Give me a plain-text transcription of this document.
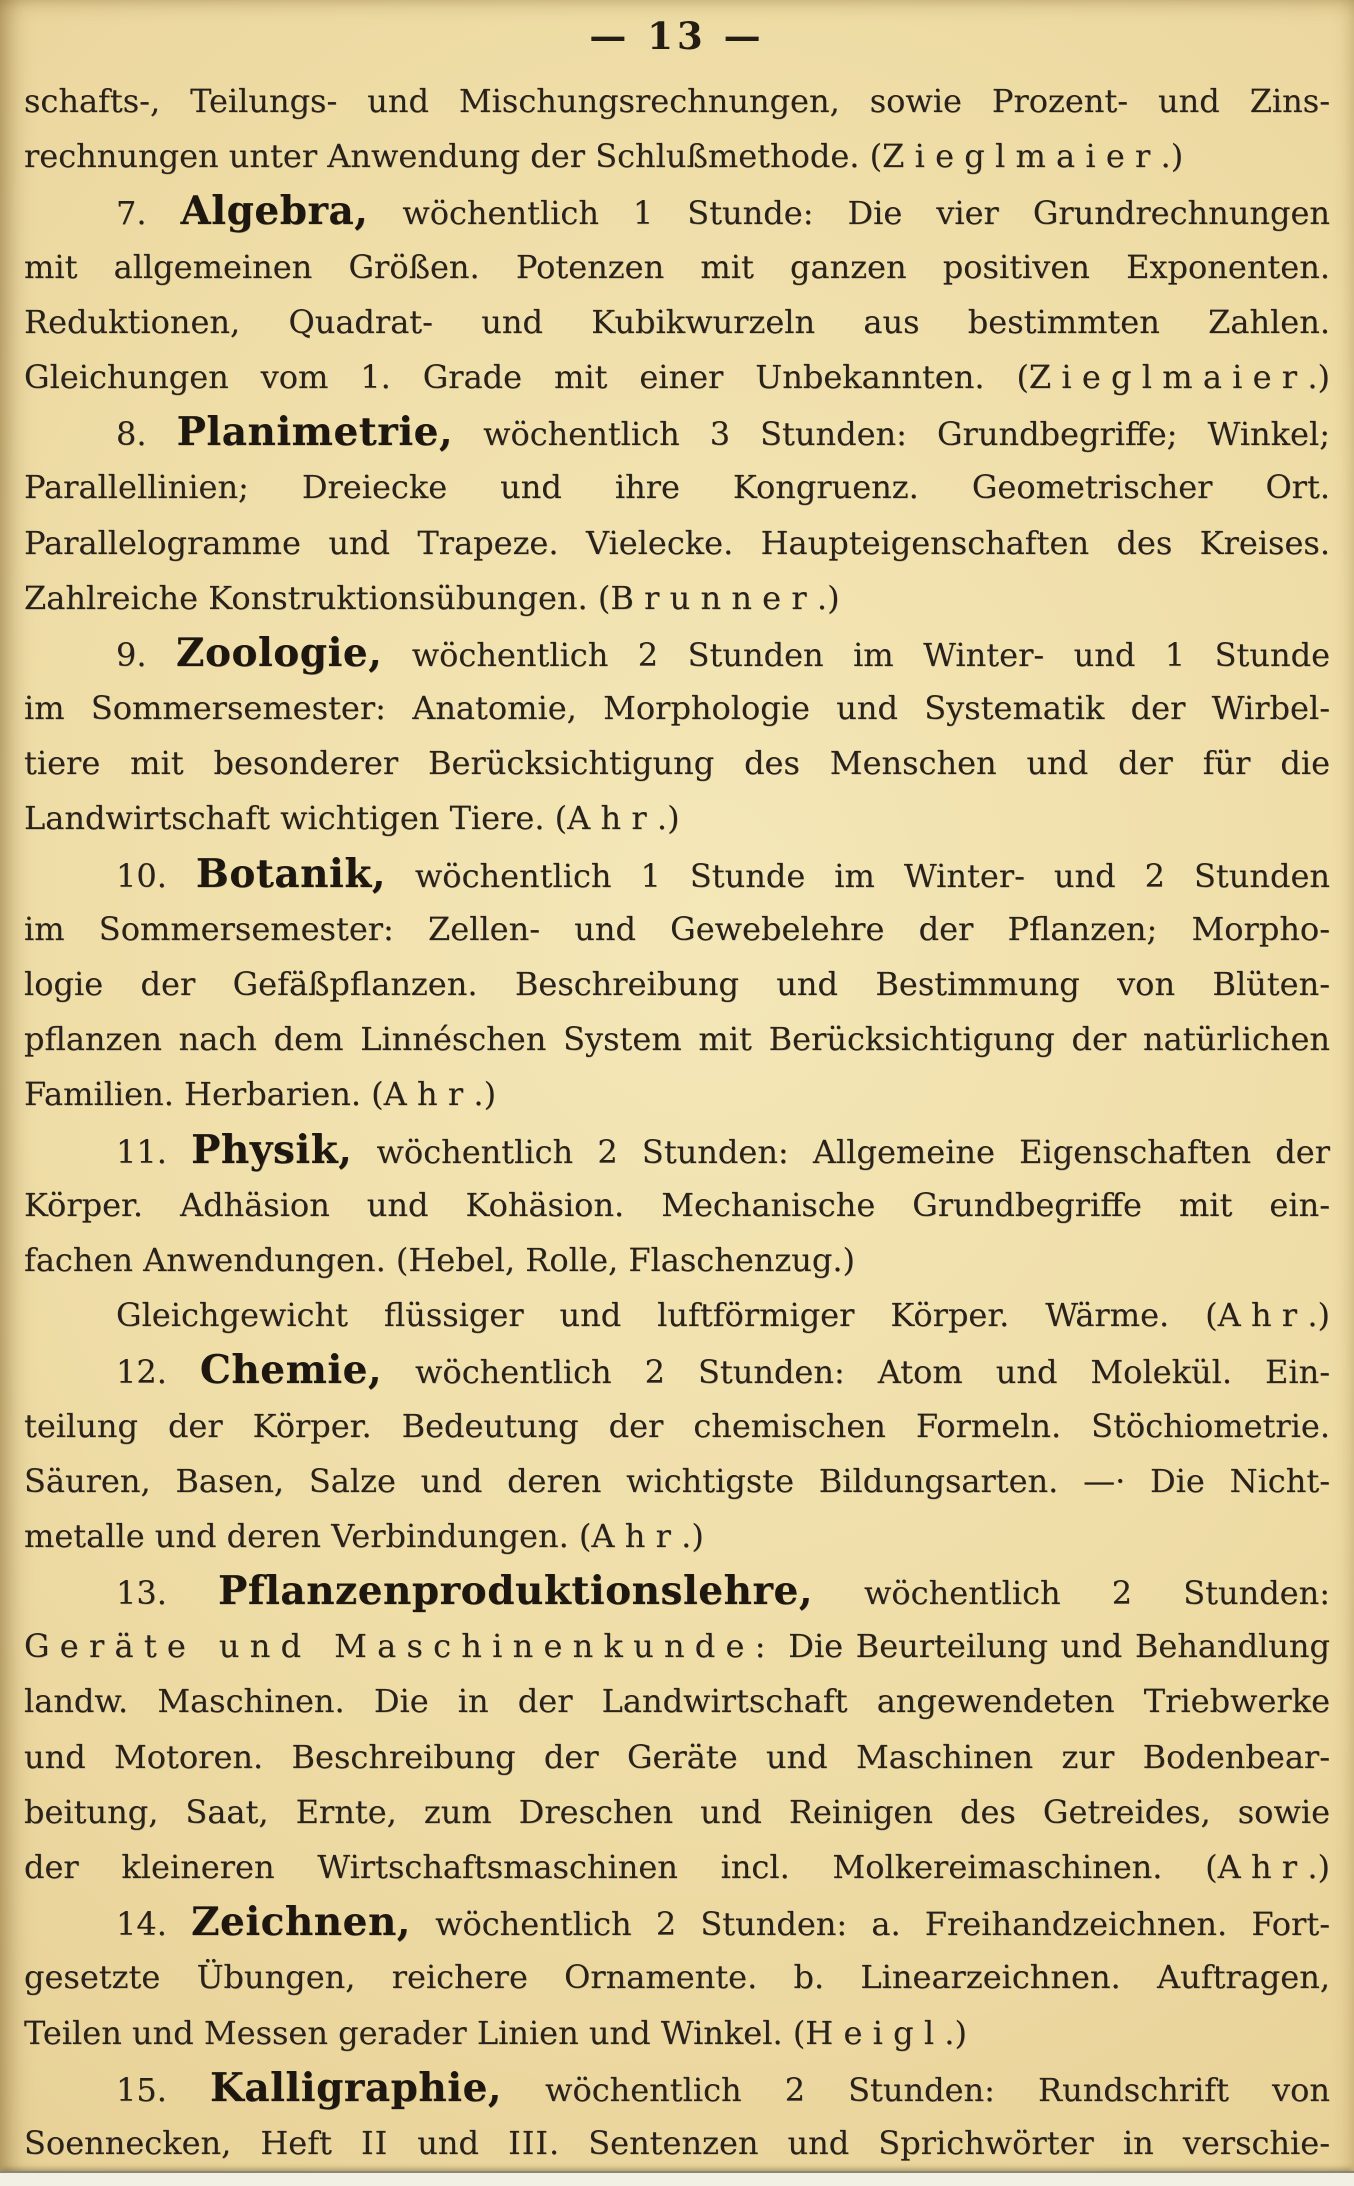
— 13 —
schafts-, Teilungs- und Mischungsrechnungen, sowie Prozent- und Zins-
rechnungen unter Anwendung der Schlußmethode. (Zieglmaier.)
7. Algebra, wöchentlich 1 Stunde: Die vier Grundrechnungen
mit allgemeinen Größen. Potenzen mit ganzen positiven Exponenten.
Reduktionen, Quadrat- und Kubikwurzeln aus bestimmten Zahlen.
Gleichungen vom 1. Grade mit einer Unbekannten. (Zieglmaier.)
8. Planimetrie, wöchentlich 3 Stunden: Grundbegriffe; Winkel;
Parallellinien; Dreiecke und ihre Kongruenz. Geometrischer Ort.
Parallelogramme und Trapeze. Vielecke. Haupteigenschaften des Kreises.
Zahlreiche Konstruktionsübungen. (Brunner.)
9. Zoologie, wöchentlich 2 Stunden im Winter- und 1 Stunde
im Sommersemester: Anatomie, Morphologie und Systematik der Wirbel-
tiere mit besonderer Berücksichtigung des Menschen und der für die
Landwirtschaft wichtigen Tiere. (Ahr.)
10. Botanik, wöchentlich 1 Stunde im Winter- und 2 Stunden
im Sommersemester: Zellen- und Gewebelehre der Pflanzen; Morpho-
logie der Gefäßpflanzen. Beschreibung und Bestimmung von Blüten-
pflanzen nach dem Linnéschen System mit Berücksichtigung der natürlichen
Familien. Herbarien. (Ahr.)
11. Physik, wöchentlich 2 Stunden: Allgemeine Eigenschaften der
Körper. Adhäsion und Kohäsion. Mechanische Grundbegriffe mit ein-
fachen Anwendungen. (Hebel, Rolle, Flaschenzug.)
Gleichgewicht flüssiger und luftförmiger Körper. Wärme. (Ahr.)
12. Chemie, wöchentlich 2 Stunden: Atom und Molekül. Ein-
teilung der Körper. Bedeutung der chemischen Formeln. Stöchiometrie.
Säuren, Basen, Salze und deren wichtigste Bildungsarten. —· Die Nicht-
metalle und deren Verbindungen. (Ahr.)
13. Pflanzenproduktionslehre, wöchentlich 2 Stunden:
Geräte und Maschinenkunde: Die Beurteilung und Behandlung
landw. Maschinen. Die in der Landwirtschaft angewendeten Triebwerke
und Motoren. Beschreibung der Geräte und Maschinen zur Bodenbear-
beitung, Saat, Ernte, zum Dreschen und Reinigen des Getreides, sowie
der kleineren Wirtschaftsmaschinen incl. Molkereimaschinen. (Ahr.)
14. Zeichnen, wöchentlich 2 Stunden: a. Freihandzeichnen. Fort-
gesetzte Übungen, reichere Ornamente. b. Linearzeichnen. Auftragen,
Teilen und Messen gerader Linien und Winkel. (Heigl.)
15. Kalligraphie, wöchentlich 2 Stunden: Rundschrift von
Soennecken, Heft II und III. Sentenzen und Sprichwörter in verschie-
